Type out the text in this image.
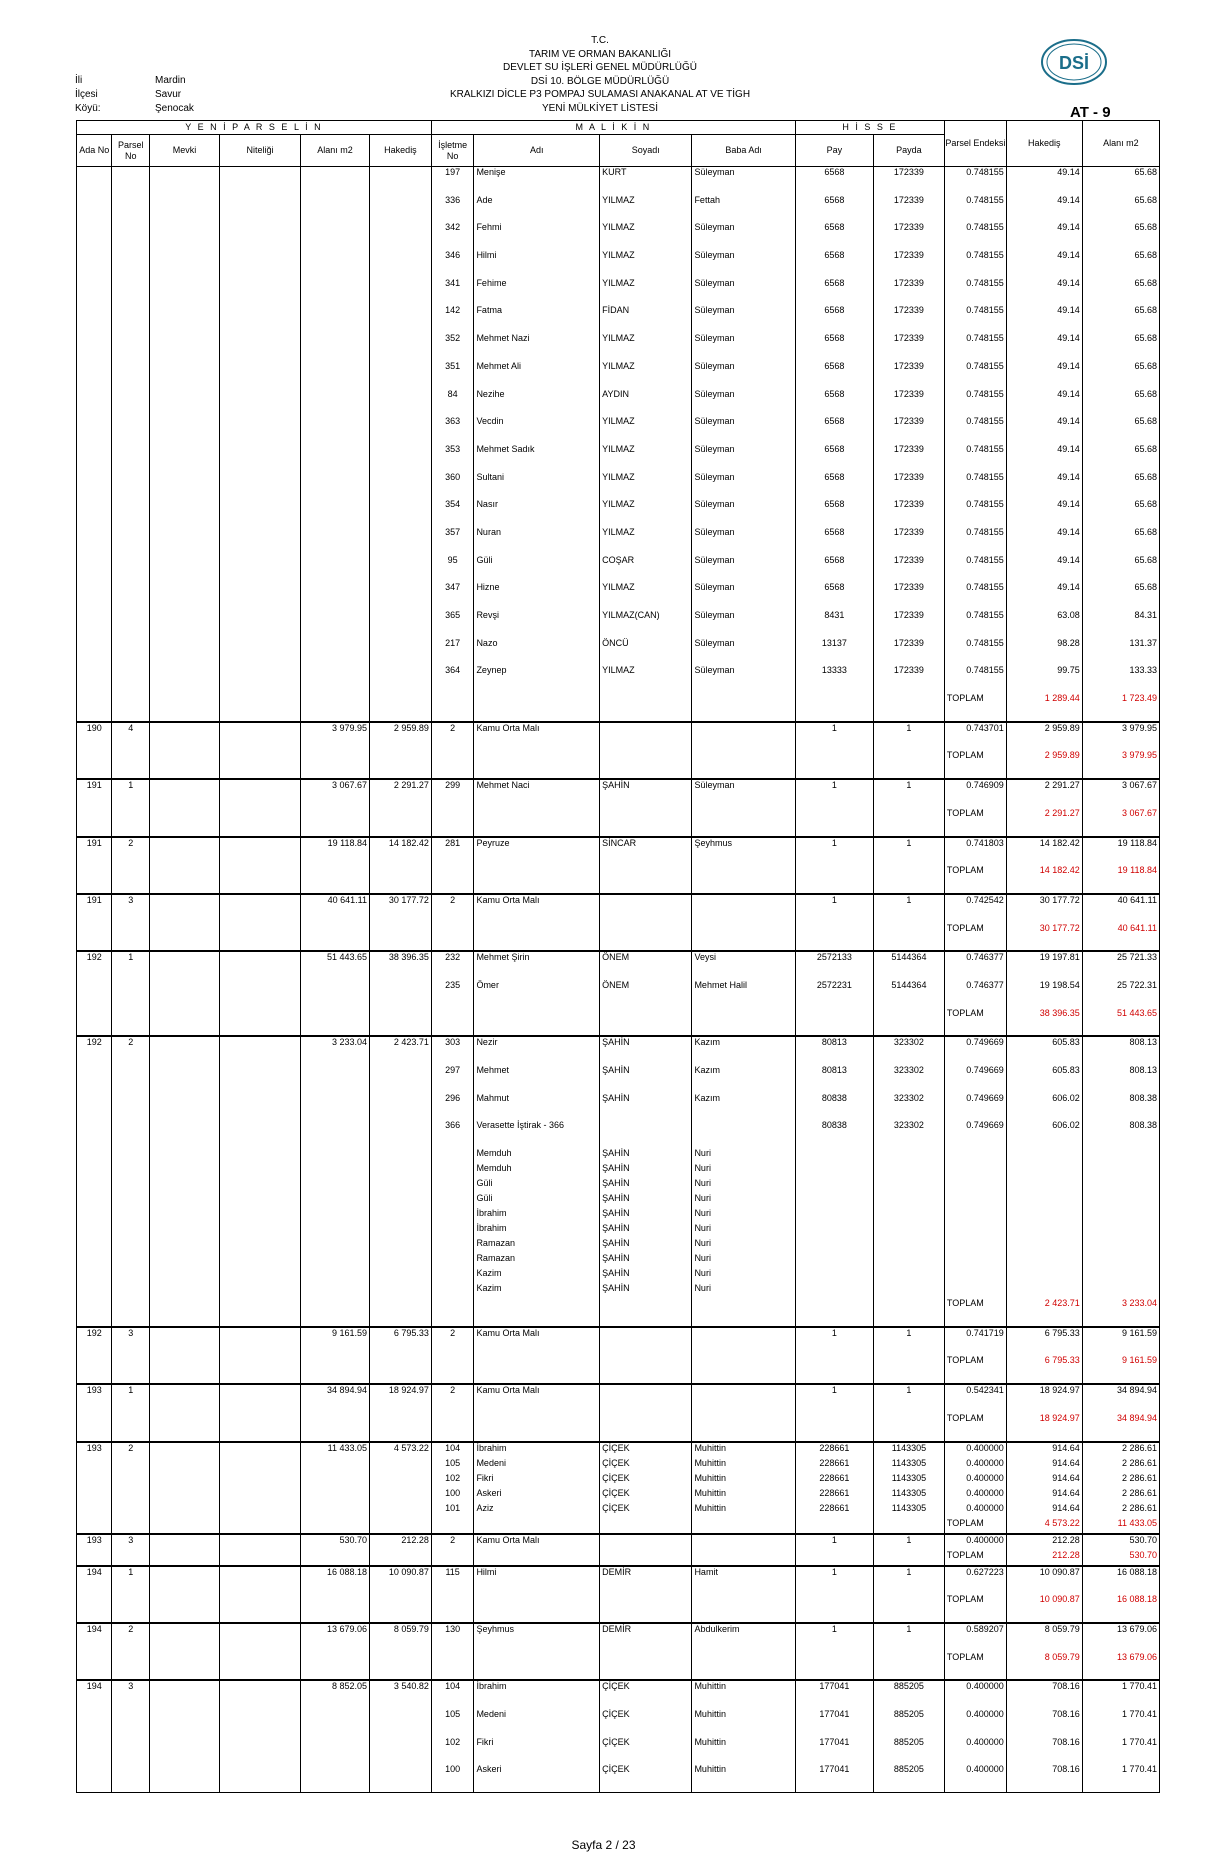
T.C.
TARIM VE ORMAN BAKANLIĞI
DEVLET SU İŞLERİ GENEL MÜDÜRLÜĞÜ
DSİ 10. BÖLGE MÜDÜRLÜĞÜ
KRALKIZI DİCLE P3 POMPAJ SULAMASI ANAKANAL AT VE TİGH
YENİ MÜLKİYET LİSTESİ
İli	Mardin
İlçesi	Savur
Köyü:	Şenocak
DSİ
AT - 9
Y E N İ P A R S E L İ N						M A L İ K İ N				H İ S S E		Parsel Endeksi	Hakediş	Alanı m2
Ada No	Parsel No	Mevki	Niteliği	Alanı m2	Hakediş	İşletme No	Adı	Soyadı	Baba Adı	Pay	Payda			
						197	Menişe	KURT	Süleyman	6568	172339	0.748155	49.14	65.68
						336	Ade	YILMAZ	Fettah	6568	172339	0.748155	49.14	65.68
						342	Fehmi	YILMAZ	Süleyman	6568	172339	0.748155	49.14	65.68
						346	Hilmi	YILMAZ	Süleyman	6568	172339	0.748155	49.14	65.68
						341	Fehime	YILMAZ	Süleyman	6568	172339	0.748155	49.14	65.68
						142	Fatma	FİDAN	Süleyman	6568	172339	0.748155	49.14	65.68
						352	Mehmet Nazi	YILMAZ	Süleyman	6568	172339	0.748155	49.14	65.68
						351	Mehmet Ali	YILMAZ	Süleyman	6568	172339	0.748155	49.14	65.68
						84	Nezihe	AYDIN	Süleyman	6568	172339	0.748155	49.14	65.68
						363	Vecdin	YILMAZ	Süleyman	6568	172339	0.748155	49.14	65.68
						353	Mehmet Sadık	YILMAZ	Süleyman	6568	172339	0.748155	49.14	65.68
						360	Sultani	YILMAZ	Süleyman	6568	172339	0.748155	49.14	65.68
						354	Nasır	YILMAZ	Süleyman	6568	172339	0.748155	49.14	65.68
						357	Nuran	YILMAZ	Süleyman	6568	172339	0.748155	49.14	65.68
						95	Güli	COŞAR	Süleyman	6568	172339	0.748155	49.14	65.68
						347	Hizne	YILMAZ	Süleyman	6568	172339	0.748155	49.14	65.68
						365	Revşi	YILMAZ(CAN)	Süleyman	8431	172339	0.748155	63.08	84.31
						217	Nazo	ÖNCÜ	Süleyman	13137	172339	0.748155	98.28	131.37
						364	Zeynep	YILMAZ	Süleyman	13333	172339	0.748155	99.75	133.33
												TOPLAM	1 289.44	1 723.49
190	4			3 979.95	2 959.89	2	Kamu Orta Malı			1	1	0.743701	2 959.89	3 979.95
												TOPLAM	2 959.89	3 979.95
191	1			3 067.67	2 291.27	299	Mehmet Naci	ŞAHİN	Süleyman	1	1	0.746909	2 291.27	3 067.67
												TOPLAM	2 291.27	3 067.67
191	2			19 118.84	14 182.42	281	Peyruze	SİNCAR	Şeyhmus	1	1	0.741803	14 182.42	19 118.84
												TOPLAM	14 182.42	19 118.84
191	3			40 641.11	30 177.72	2	Kamu Orta Malı			1	1	0.742542	30 177.72	40 641.11
												TOPLAM	30 177.72	40 641.11
192	1			51 443.65	38 396.35	232	Mehmet Şirin	ÖNEM	Veysi	2572133	5144364	0.746377	19 197.81	25 721.33
						235	Ömer	ÖNEM	Mehmet Halil	2572231	5144364	0.746377	19 198.54	25 722.31
												TOPLAM	38 396.35	51 443.65
192	2			3 233.04	2 423.71	303	Nezir	ŞAHİN	Kazım	80813	323302	0.749669	605.83	808.13
						297	Mehmet	ŞAHİN	Kazım	80813	323302	0.749669	605.83	808.13
						296	Mahmut	ŞAHİN	Kazım	80838	323302	0.749669	606.02	808.38
						366	Verasette İştirak - 366			80838	323302	0.749669	606.02	808.38
							Memduh	ŞAHİN	Nuri					
							Memduh	ŞAHİN	Nuri					
							Güli	ŞAHİN	Nuri					
							Güli	ŞAHİN	Nuri					
							İbrahim	ŞAHİN	Nuri					
							İbrahim	ŞAHİN	Nuri					
							Ramazan	ŞAHİN	Nuri					
							Ramazan	ŞAHİN	Nuri					
							Kazim	ŞAHİN	Nuri					
							Kazim	ŞAHİN	Nuri					
												TOPLAM	2 423.71	3 233.04
192	3			9 161.59	6 795.33	2	Kamu Orta Malı			1	1	0.741719	6 795.33	9 161.59
												TOPLAM	6 795.33	9 161.59
193	1			34 894.94	18 924.97	2	Kamu Orta Malı			1	1	0.542341	18 924.97	34 894.94
												TOPLAM	18 924.97	34 894.94
193	2			11 433.05	4 573.22	104	İbrahim	ÇİÇEK	Muhittin	228661	1143305	0.400000	914.64	2 286.61
						105	Medeni	ÇİÇEK	Muhittin	228661	1143305	0.400000	914.64	2 286.61
						102	Fikri	ÇİÇEK	Muhittin	228661	1143305	0.400000	914.64	2 286.61
						100	Askeri	ÇİÇEK	Muhittin	228661	1143305	0.400000	914.64	2 286.61
						101	Aziz	ÇİÇEK	Muhittin	228661	1143305	0.400000	914.64	2 286.61
												TOPLAM	4 573.22	11 433.05
193	3			530.70	212.28	2	Kamu Orta Malı			1	1	0.400000	212.28	530.70
												TOPLAM	212.28	530.70
194	1			16 088.18	10 090.87	115	Hilmi	DEMİR	Hamit	1	1	0.627223	10 090.87	16 088.18
												TOPLAM	10 090.87	16 088.18
194	2			13 679.06	8 059.79	130	Şeyhmus	DEMİR	Abdulkerim	1	1	0.589207	8 059.79	13 679.06
												TOPLAM	8 059.79	13 679.06
194	3			8 852.05	3 540.82	104	İbrahim	ÇİÇEK	Muhittin	177041	885205	0.400000	708.16	1 770.41
						105	Medeni	ÇİÇEK	Muhittin	177041	885205	0.400000	708.16	1 770.41
						102	Fikri	ÇİÇEK	Muhittin	177041	885205	0.400000	708.16	1 770.41
						100	Askeri	ÇİÇEK	Muhittin	177041	885205	0.400000	708.16	1 770.41
Sayfa 2 / 23
